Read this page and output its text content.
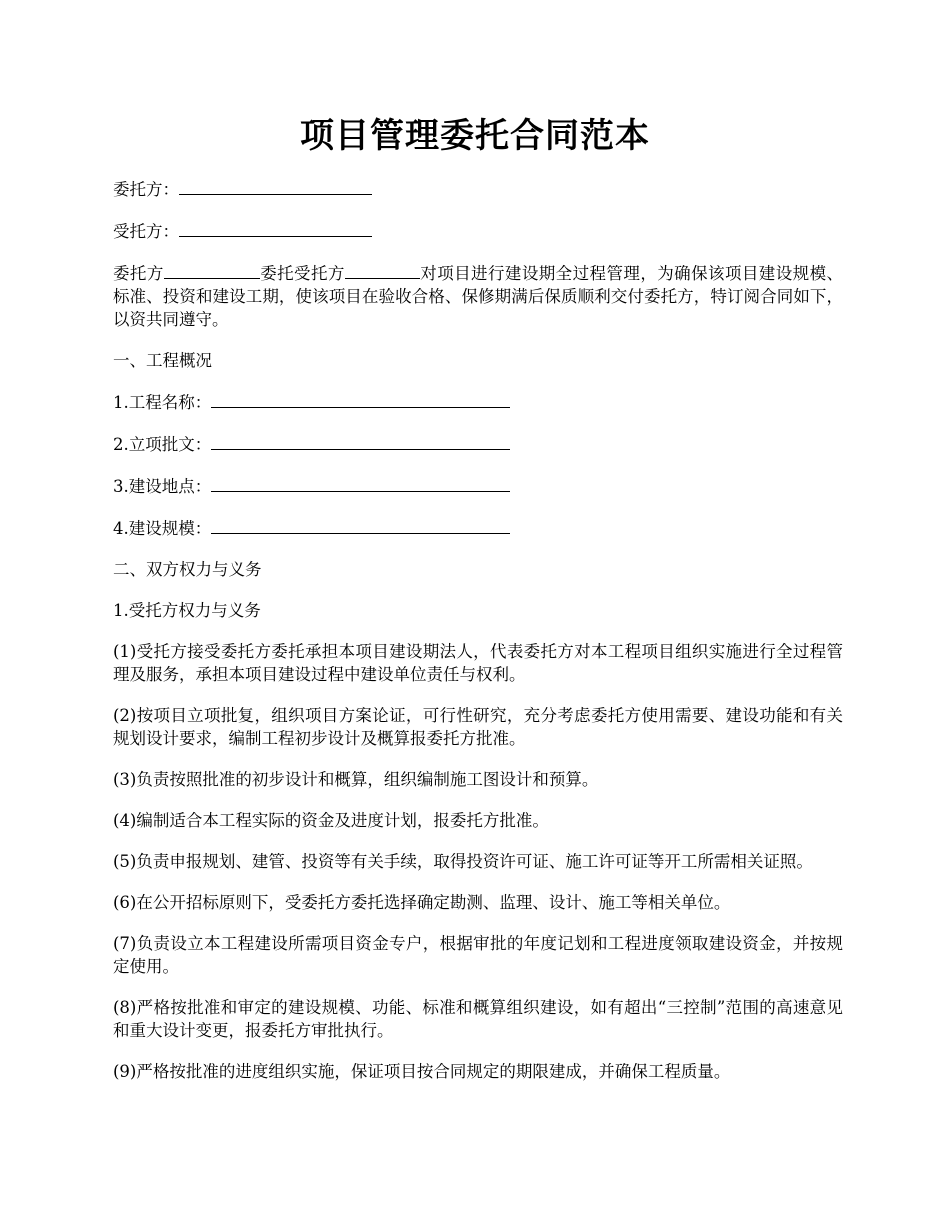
项目管理委托合同范本

委托方：

受托方：

委托方	委托受托方	对项目进行建设期全过程管理，为确保该项目建设规模、标准、投资和建设工期，使该项目在验收合格、保修期满后保质顺利交付委托方，特订阅合同如下，以资共同遵守。

一、工程概况

1.工程名称：

2.立项批文：

3.建设地点：

4.建设规模：

二、双方权力与义务

1.受托方权力与义务

(1)受托方接受委托方委托承担本项目建设期法人，代表委托方对本工程项目组织实施进行全过程管理及服务，承担本项目建设过程中建设单位责任与权利。

(2)按项目立项批复，组织项目方案论证，可行性研究，充分考虑委托方使用需要、建设功能和有关规划设计要求，编制工程初步设计及概算报委托方批准。

(3)负责按照批准的初步设计和概算，组织编制施工图设计和预算。

(4)编制适合本工程实际的资金及进度计划，报委托方批准。

(5)负责申报规划、建管、投资等有关手续，取得投资许可证、施工许可证等开工所需相关证照。

(6)在公开招标原则下，受委托方委托选择确定勘测、监理、设计、施工等相关单位。

(7)负责设立本工程建设所需项目资金专户，根据审批的年度记划和工程进度领取建设资金，并按规定使用。

(8)严格按批准和审定的建设规模、功能、标准和概算组织建设，如有超出“三控制”范围的高速意见和重大设计变更，报委托方审批执行。

(9)严格按批准的进度组织实施，保证项目按合同规定的期限建成，并确保工程质量。
